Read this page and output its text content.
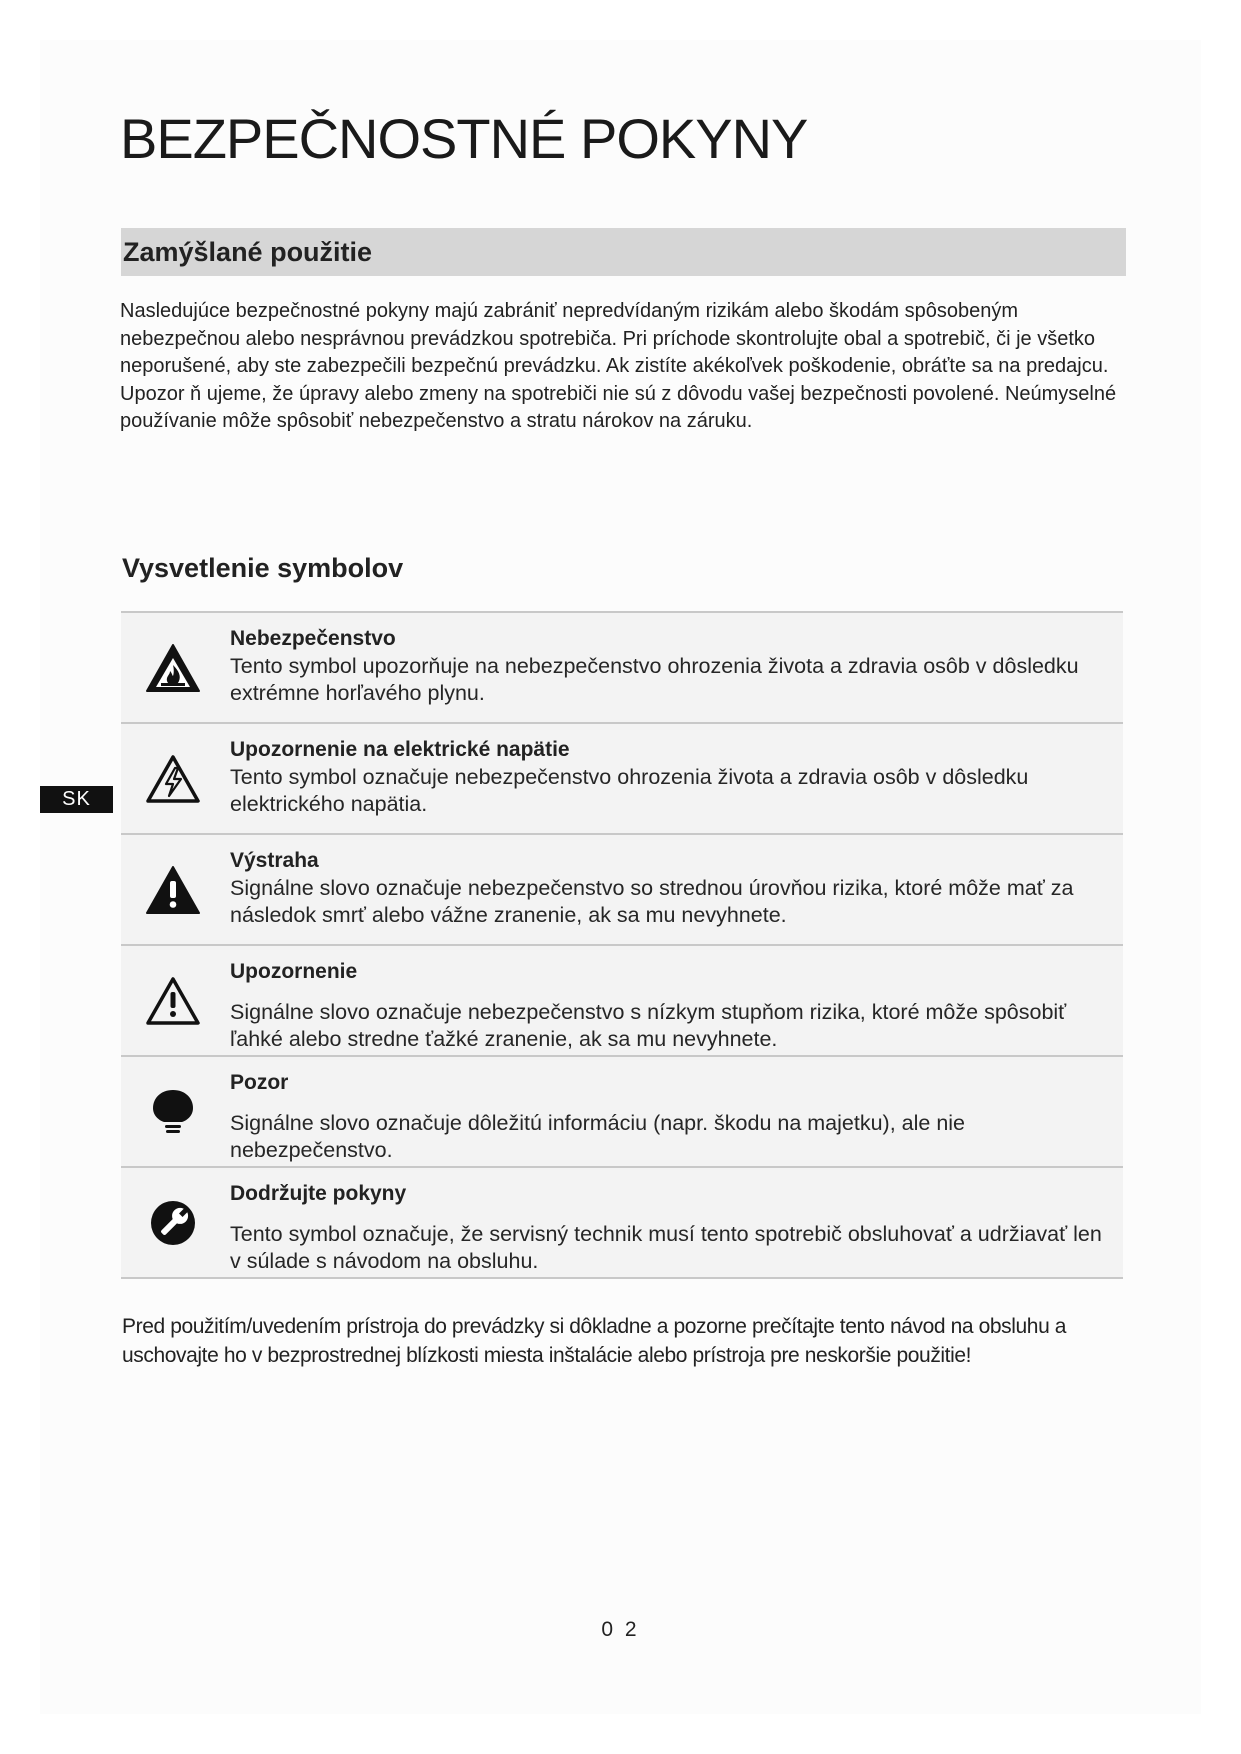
BEZPEČNOSTNÉ POKYNY
Zamýšlané použitie

Nasledujúce bezpečnostné pokyny majú zabrániť nepredvídaným rizikám alebo škodám spôsobeným nebezpečnou alebo nesprávnou prevádzkou spotrebiča. Pri príchode skontrolujte obal a spotrebič, či je všetko neporušené, aby ste zabezpečili bezpečnú prevádzku. Ak zistíte akékoľvek poškodenie, obráťte sa na predajcu. Upozor ň ujeme, že úpravy alebo zmeny na spotrebiči nie sú z dôvodu vašej bezpečnosti povolené. Neúmyselné používanie môže spôsobiť nebezpečenstvo a stratu nárokov na záruku.

Vysvetlenie symbolov
SK
Nebezpečenstvo
Tento symbol upozorňuje na nebezpečenstvo ohrozenia života a zdravia osôb v dôsledku extrémne horľavého plynu.
Upozornenie na elektrické napätie
Tento symbol označuje nebezpečenstvo ohrozenia života a zdravia osôb v dôsledku elektrického napätia.
Výstraha
Signálne slovo označuje nebezpečenstvo so strednou úrovňou rizika, ktoré môže mať za následok smrť alebo vážne zranenie, ak sa mu nevyhnete.
Upozornenie
Signálne slovo označuje nebezpečenstvo s nízkym stupňom rizika, ktoré môže spôsobiť ľahké alebo stredne ťažké zranenie, ak sa mu nevyhnete.
Pozor
Signálne slovo označuje dôležitú informáciu (napr. škodu na majetku), ale nie nebezpečenstvo.
Dodržujte pokyny
Tento symbol označuje, že servisný technik musí tento spotrebič obsluhovať a udržiavať len v súlade s návodom na obsluhu.

Pred použitím/uvedením prístroja do prevádzky si dôkladne a pozorne prečítajte tento návod na obsluhu a uschovajte ho v bezprostrednej blízkosti miesta inštalácie alebo prístroja pre neskoršie použitie!

0 2
